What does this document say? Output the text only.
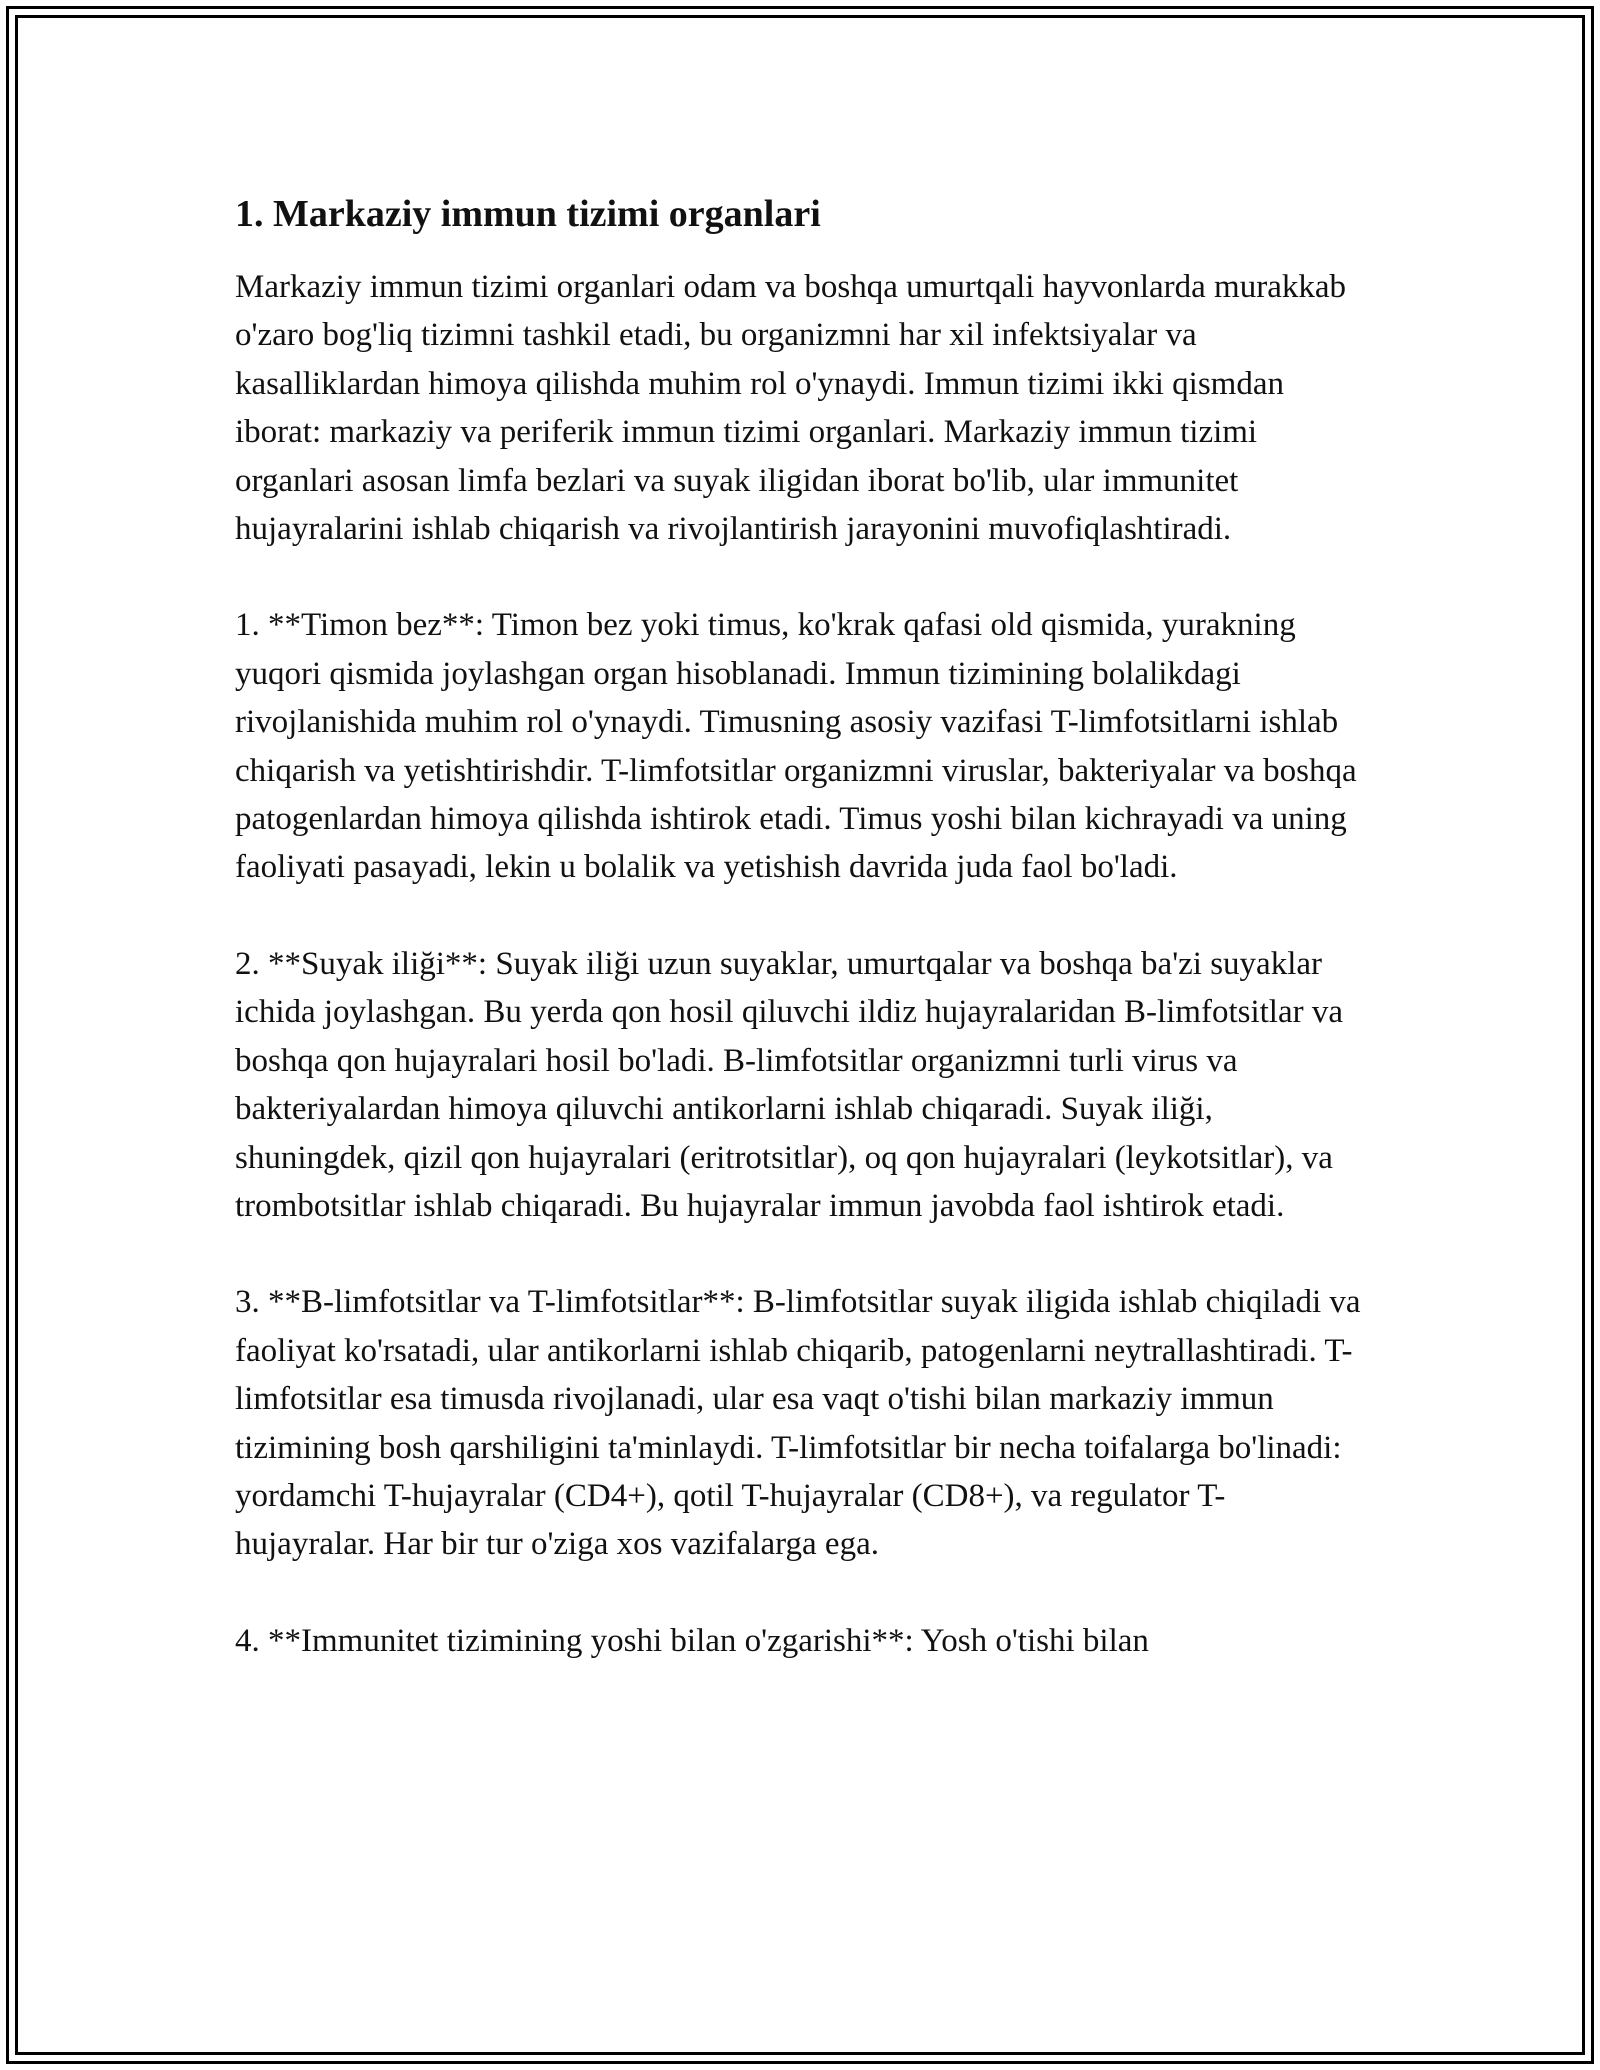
1. Markaziy immun tizimi organlari

Markaziy immun tizimi organlari odam va boshqa umurtqali hayvonlarda murakkab o'zaro bog'liq tizimni tashkil etadi, bu organizmni har xil infektsiyalar va kasalliklardan himoya qilishda muhim rol o'ynaydi. Immun tizimi ikki qismdan iborat: markaziy va periferik immun tizimi organlari. Markaziy immun tizimi organlari asosan limfa bezlari va suyak iligidan iborat bo'lib, ular immunitet hujayralarini ishlab chiqarish va rivojlantirish jarayonini muvofiqlashtiradi.

1. **Timon bez**: Timon bez yoki timus, ko'krak qafasi old qismida, yurakning yuqori qismida joylashgan organ hisoblanadi. Immun tizimining bolalikdagi rivojlanishida muhim rol o'ynaydi. Timusning asosiy vazifasi T-limfotsitlarni ishlab chiqarish va yetishtirishdir. T-limfotsitlar organizmni viruslar, bakteriyalar va boshqa patogenlardan himoya qilishda ishtirok etadi. Timus yoshi bilan kichrayadi va uning faoliyati pasayadi, lekin u bolalik va yetishish davrida juda faol bo'ladi.

2. **Suyak iliği**: Suyak iliği uzun suyaklar, umurtqalar va boshqa ba'zi suyaklar ichida joylashgan. Bu yerda qon hosil qiluvchi ildiz hujayralaridan B-limfotsitlar va boshqa qon hujayralari hosil bo'ladi. B-limfotsitlar organizmni turli virus va bakteriyalardan himoya qiluvchi antikorlarni ishlab chiqaradi. Suyak iliği, shuningdek, qizil qon hujayralari (eritrotsitlar), oq qon hujayralari (leykotsitlar), va trombotsitlar ishlab chiqaradi. Bu hujayralar immun javobda faol ishtirok etadi.

3. **B-limfotsitlar va T-limfotsitlar**: B-limfotsitlar suyak iligida ishlab chiqiladi va faoliyat ko'rsatadi, ular antikorlarni ishlab chiqarib, patogenlarni neytrallashtiradi. T-limfotsitlar esa timusda rivojlanadi, ular esa vaqt o'tishi bilan markaziy immun tizimining bosh qarshiligini ta'minlaydi. T-limfotsitlar bir necha toifalarga bo'linadi: yordamchi T-hujayralar (CD4+), qotil T-hujayralar (CD8+), va regulator T-hujayralar. Har bir tur o'ziga xos vazifalarga ega.

4. **Immunitet tizimining yoshi bilan o'zgarishi**: Yosh o'tishi bilan
